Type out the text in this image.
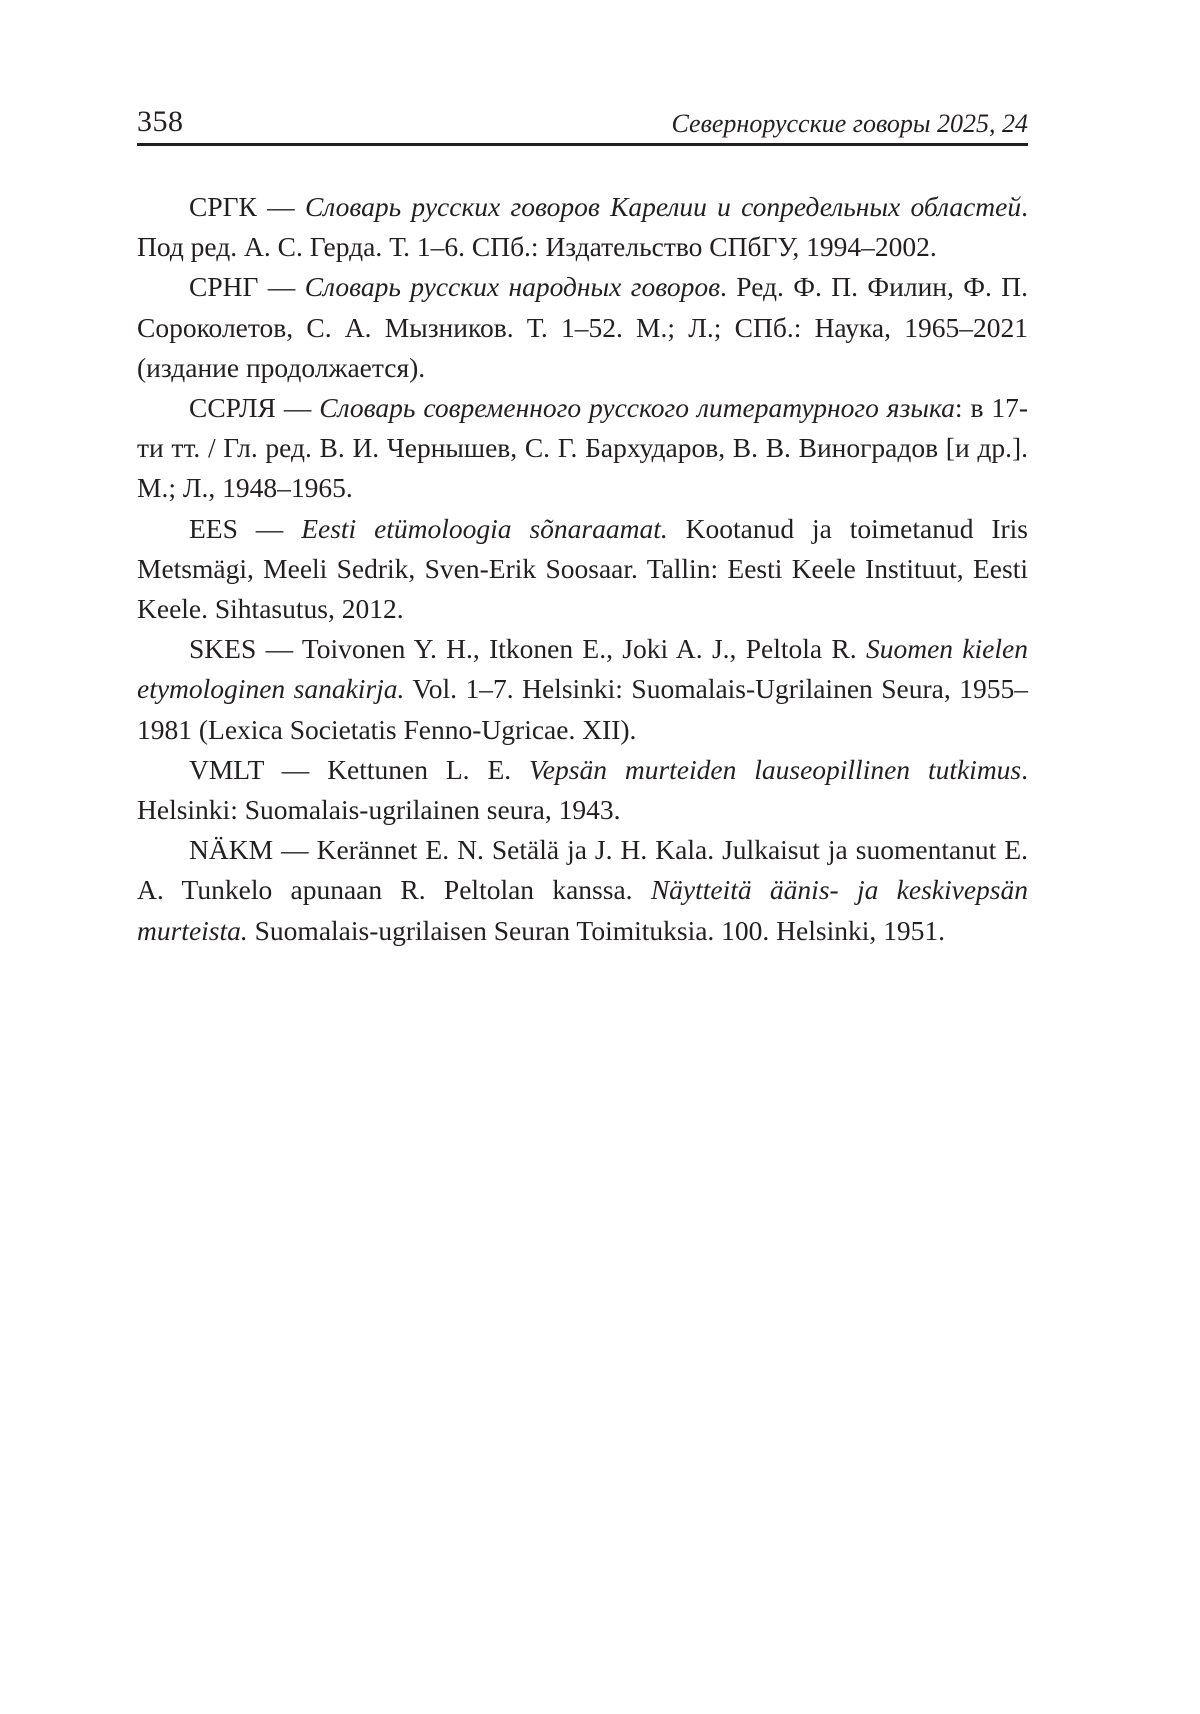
358	Севернорусские говоры 2025, 24

СРГК — Словарь русских говоров Карелии и сопредельных областей. Под ред. А. С. Герда. Т. 1–6. СПб.: Издательство СПбГУ, 1994–2002.

СРНГ — Словарь русских народных говоров. Ред. Ф. П. Филин, Ф. П. Сороколетов, С. А. Мызников. Т. 1–52. М.; Л.; СПб.: Наука, 1965–2021 (издание продолжается).

ССРЛЯ — Словарь современного русского литературного языка: в 17-ти тт. / Гл. ред. В. И. Чернышев, С. Г. Бархударов, В. В. Виноградов [и др.]. М.; Л., 1948–1965.

EES — Eesti etümoloogia sõnaraamat. Kootanud ja toimetanud Iris Metsmägi, Meeli Sedrik, Sven-Erik Soosaar. Tallin: Eesti Keele Instituut, Eesti Keele. Sihtasutus, 2012.

SKES — Toivonen Y. H., Itkonen E., Joki A. J., Peltola R. Suomen kielen etymologinen sanakirja. Vol. 1–7. Helsinki: Suomalais-Ugrilainen Seura, 1955–1981 (Lexica Societatis Fenno-Ugricae. XII).

VMLT — Kettunen L. E. Vepsän murteiden lauseopillinen tutkimus. Helsinki: Suomalais-ugrilainen seura, 1943.

NÄKM — Kerännet E. N. Setälä ja J. H. Kala. Julkaisut ja suomentanut E. A. Tunkelo apunaan R. Peltolan kanssa. Näytteitä äänis- ja keskivepsän murteista. Suomalais-ugrilaisen Seuran Toimituksia. 100. Helsinki, 1951.
